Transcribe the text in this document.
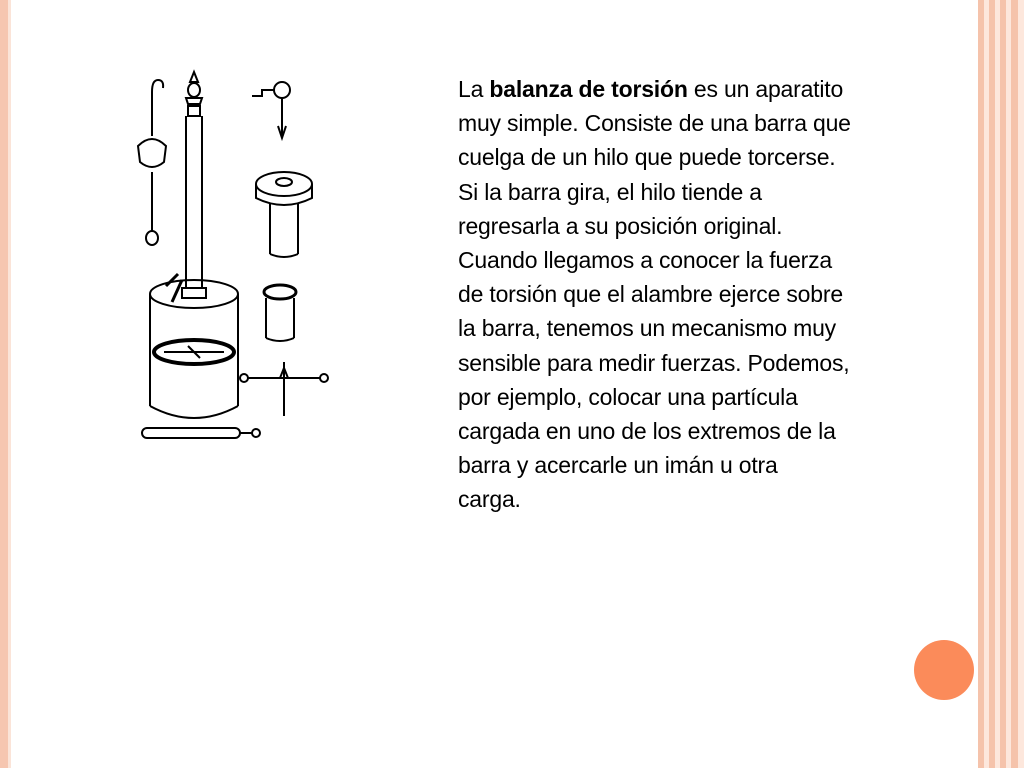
La balanza de torsión es un aparatito
muy simple. Consiste de una barra que
cuelga de un hilo que puede torcerse.
Si la barra gira, el hilo tiende a
regresarla a su posición original.
Cuando llegamos a conocer la fuerza
de torsión que el alambre ejerce sobre
la barra, tenemos un mecanismo muy
sensible para medir fuerzas. Podemos,
por ejemplo, colocar una partícula
cargada en uno de los extremos de la
barra y acercarle un imán u otra
carga.
